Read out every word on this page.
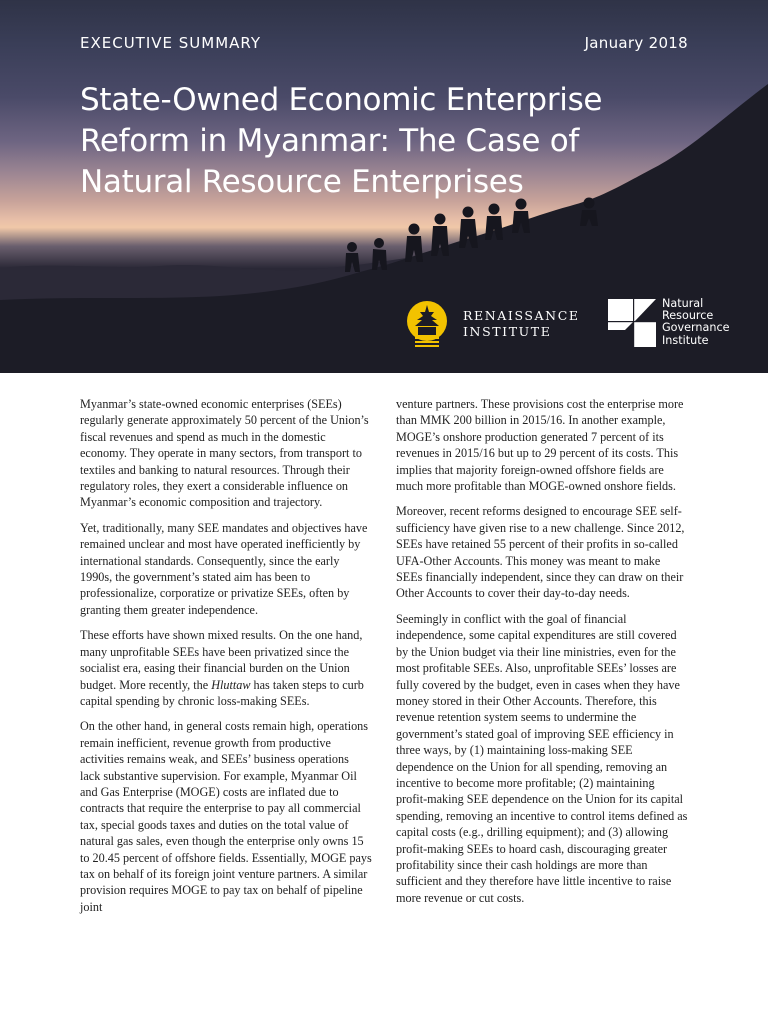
EXECUTIVE SUMMARY	January 2018
State-Owned Economic Enterprise Reform in Myanmar: The Case of Natural Resource Enterprises
RENAISSANCE
INSTITUTE
Natural
Resource
Governance
Institute

Myanmar’s state-owned economic enterprises (SEEs) regularly generate approximately 50 percent of the Union’s fiscal revenues and spend as much in the domestic economy. They operate in many sectors, from transport to textiles and banking to natural resources. Through their regulatory roles, they exert a considerable influence on Myanmar’s economic composition and trajectory.

Yet, traditionally, many SEE mandates and objectives have remained unclear and most have operated inefficiently by international standards. Consequently, since the early 1990s, the government’s stated aim has been to professionalize, corporatize or privatize SEEs, often by granting them greater independence.

These efforts have shown mixed results. On the one hand, many unprofitable SEEs have been privatized since the socialist era, easing their financial burden on the Union budget. More recently, the Hluttaw has taken steps to curb capital spending by chronic loss-making SEEs.

On the other hand, in general costs remain high, operations remain inefficient, revenue growth from productive activities remains weak, and SEEs’ business operations lack substantive supervision. For example, Myanmar Oil and Gas Enterprise (MOGE) costs are inflated due to contracts that require the enterprise to pay all commercial tax, special goods taxes and duties on the total value of natural gas sales, even though the enterprise only owns 15 to 20.45 percent of offshore fields. Essentially, MOGE pays tax on behalf of its foreign joint venture partners. A similar provision requires MOGE to pay tax on behalf of pipeline joint

venture partners. These provisions cost the enterprise more than MMK 200 billion in 2015/16. In another example, MOGE’s onshore production generated 7 percent of its revenues in 2015/16 but up to 29 percent of its costs. This implies that majority foreign-owned offshore fields are much more profitable than MOGE-owned onshore fields.

Moreover, recent reforms designed to encourage SEE self-sufficiency have given rise to a new challenge. Since 2012, SEEs have retained 55 percent of their profits in so-called UFA-Other Accounts. This money was meant to make SEEs financially independent, since they can draw on their Other Accounts to cover their day-to-day needs.

Seemingly in conflict with the goal of financial independence, some capital expenditures are still covered by the Union budget via their line ministries, even for the most profitable SEEs. Also, unprofitable SEEs’ losses are fully covered by the budget, even in cases when they have money stored in their Other Accounts. Therefore, this revenue retention system seems to undermine the government’s stated goal of improving SEE efficiency in three ways, by (1) maintaining loss-making SEE dependence on the Union for all spending, removing an incentive to become more profitable; (2) maintaining profit-making SEE dependence on the Union for its capital spending, removing an incentive to control items defined as capital costs (e.g., drilling equipment); and (3) allowing profit-making SEEs to hoard cash, discouraging greater profitability since their cash holdings are more than sufficient and they therefore have little incentive to raise more revenue or cut costs.
